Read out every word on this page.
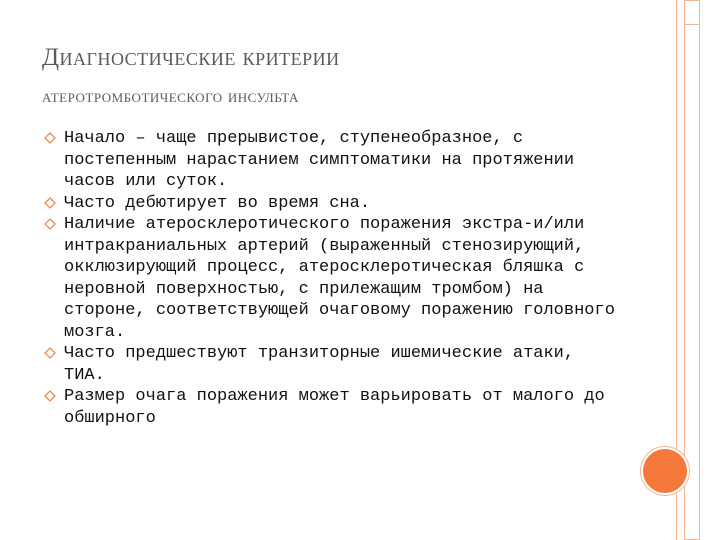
Диагностические критерии
атеротромботического инсульта
Начало – чаще прерывистое, ступенеобразное, с постепенным нарастанием симптоматики на протяжении часов или суток.
Часто дебютирует во время сна.
Наличие атеросклеротического поражения экстра-и/или интракраниальных артерий (выраженный стенозирующий, окклюзирующий процесс, атеросклеротическая бляшка с неровной поверхностью, с прилежащим тромбом) на стороне, соответствующей очаговому поражению головного мозга.
Часто предшествуют транзиторные ишемические атаки, ТИА.
Размер очага поражения может варьировать от малого до обширного
